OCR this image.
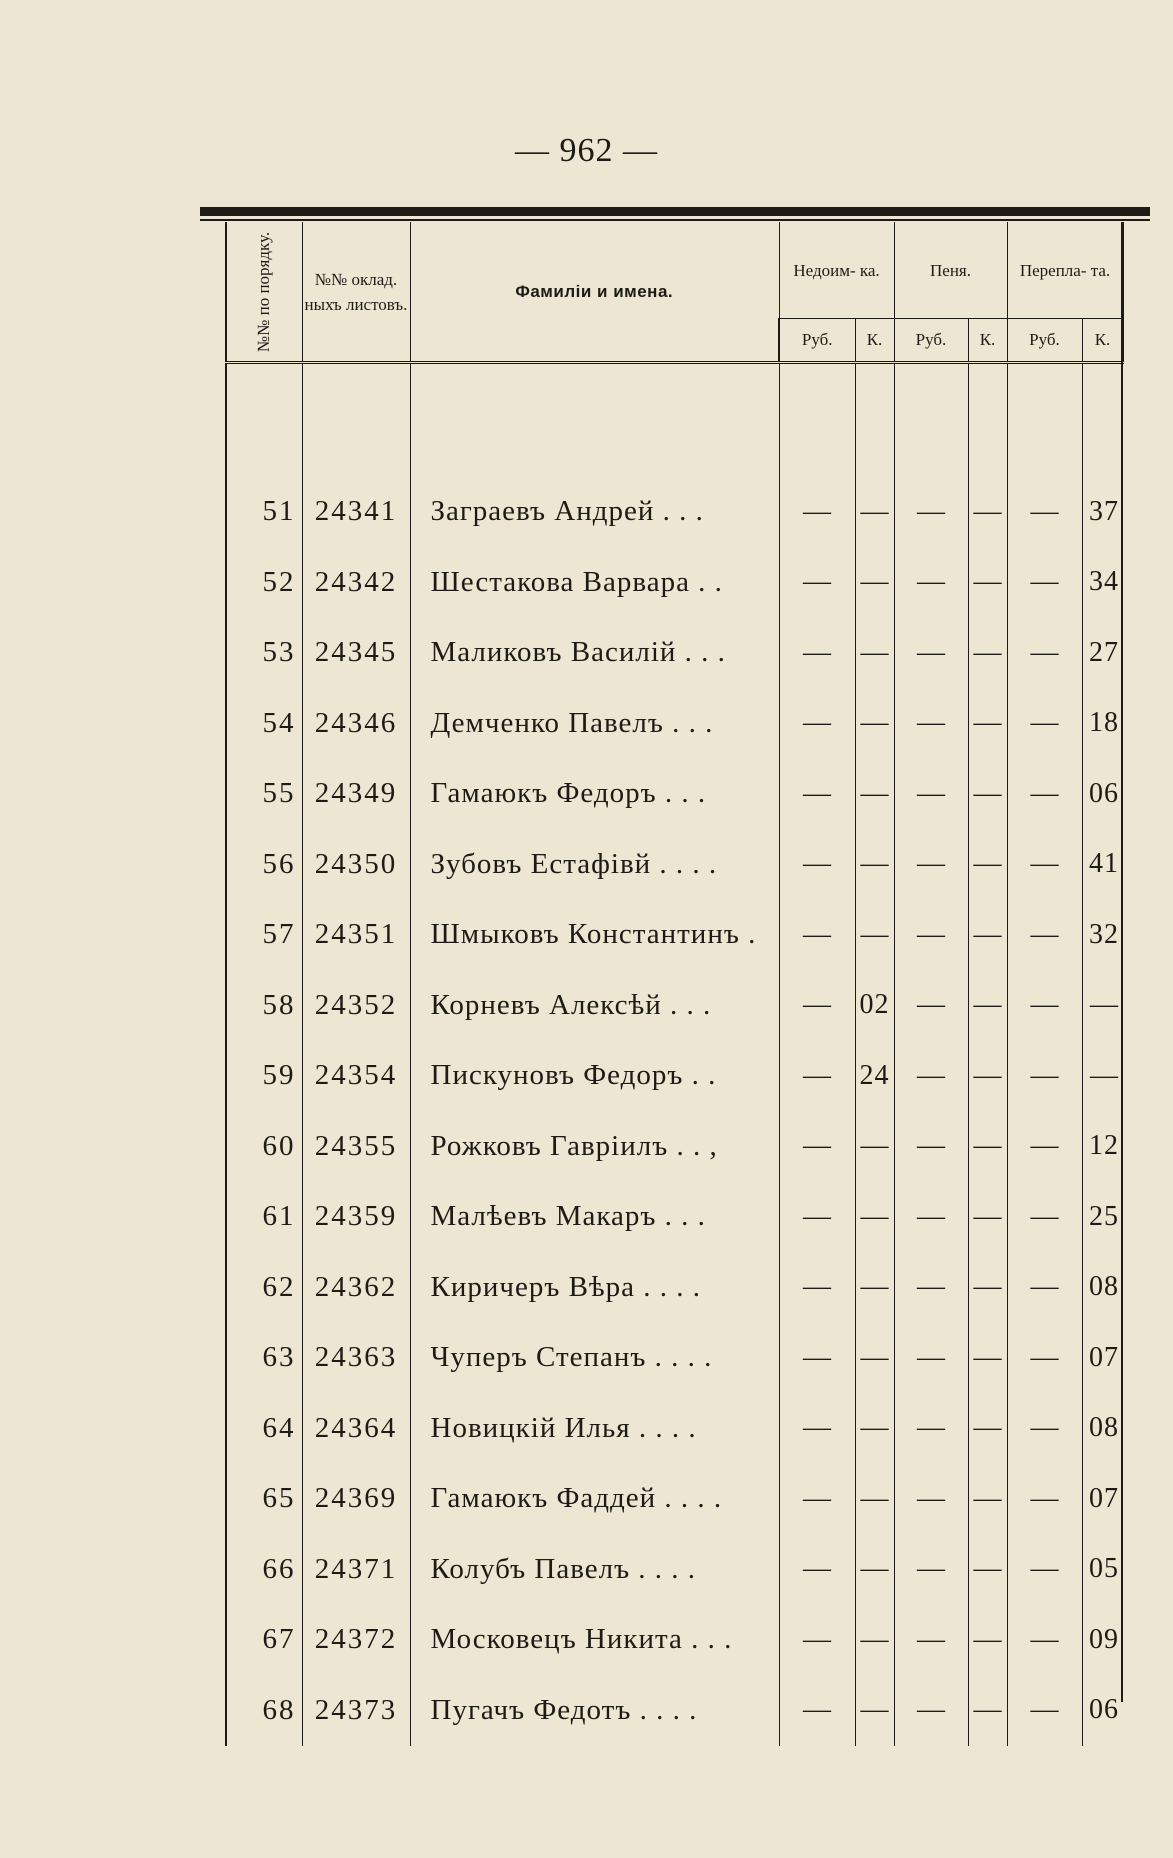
— 962 —
№№ по порядку.	№№ оклад. ныхъ листовъ.	Фамиліи и имена.	Недоим- ка.		Пеня.		Перепла- та.	
			Руб.	К.	Руб.	К.	Руб.	К.

51	24341	Заграевъ Андрей . . .	—	—	—	—	—	37
52	24342	Шестакова Варвара . .	—	—	—	—	—	34
53	24345	Маликовъ Василій . . .	—	—	—	—	—	27
54	24346	Демченко Павелъ . . .	—	—	—	—	—	18
55	24349	Гамаюкъ Федоръ . . .	—	—	—	—	—	06
56	24350	Зубовъ Естафівй . . . .	—	—	—	—	—	41
57	24351	Шмыковъ Константинъ .	—	—	—	—	—	32
58	24352	Корневъ Алексѣй . . .	—	02	—	—	—	—
59	24354	Пискуновъ Федоръ . .	—	24	—	—	—	—
60	24355	Рожковъ Гавріилъ . . ,	—	—	—	—	—	12
61	24359	Малѣевъ Макаръ . . .	—	—	—	—	—	25
62	24362	Киричеръ Вѣра . . . .	—	—	—	—	—	08
63	24363	Чуперъ Степанъ . . . .	—	—	—	—	—	07
64	24364	Новицкій Илья . . . .	—	—	—	—	—	08
65	24369	Гамаюкъ Фаддей . . . .	—	—	—	—	—	07
66	24371	Колубъ Павелъ . . . .	—	—	—	—	—	05
67	24372	Московецъ Никита . . .	—	—	—	—	—	09
68	24373	Пугачъ Федотъ . . . .	—	—	—	—	—	06
